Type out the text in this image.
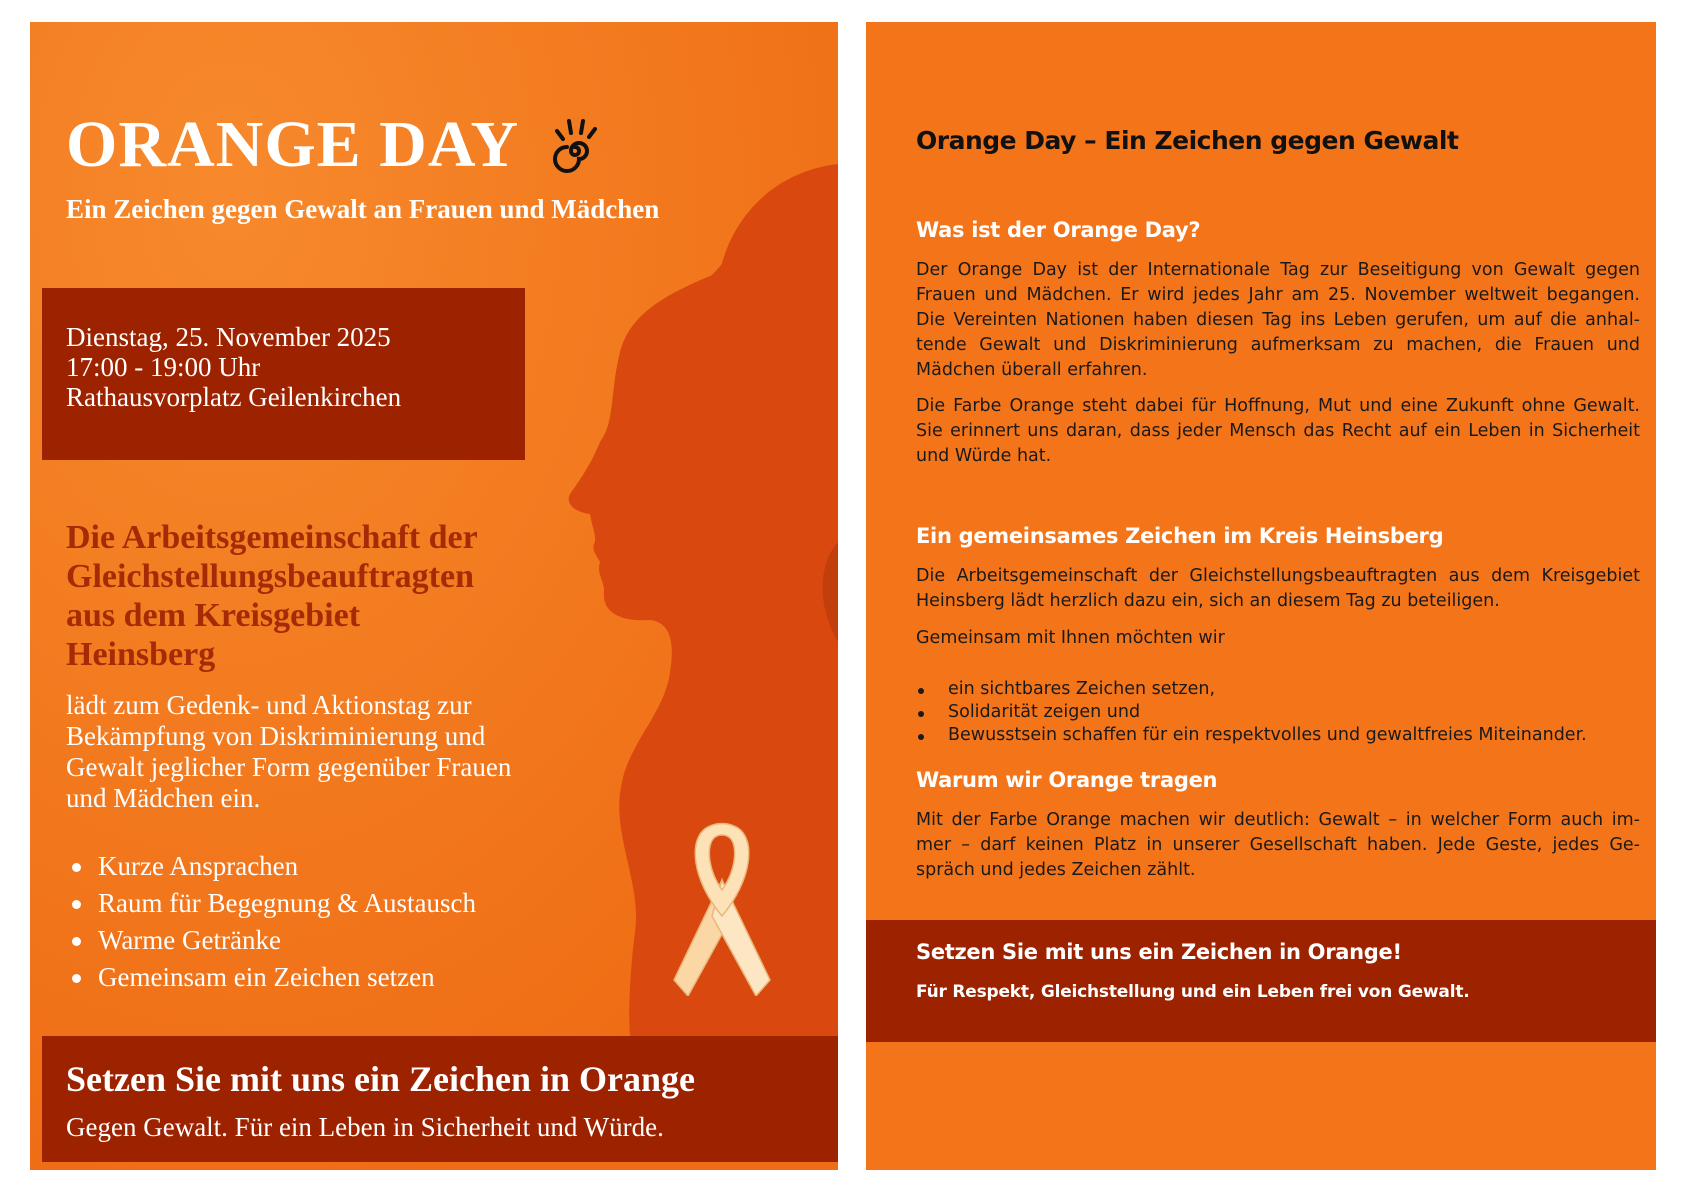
ORANGE DAY
Ein Zeichen gegen Gewalt an Frauen und Mädchen
Dienstag, 25. November 2025
17:00 - 19:00 Uhr
Rathausvorplatz Geilenkirchen
Die Arbeitsgemeinschaft der
Gleichstellungsbeauftragten
aus dem Kreisgebiet
Heinsberg
lädt zum Gedenk- und Aktionstag zur
Bekämpfung von Diskriminierung und
Gewalt jeglicher Form gegenüber Frauen
und Mädchen ein.
Kurze Ansprachen
Raum für Begegnung & Austausch
Warme Getränke
Gemeinsam ein Zeichen setzen
Setzen Sie mit uns ein Zeichen in Orange
Gegen Gewalt. Für ein Leben in Sicherheit und Würde.
Orange Day – Ein Zeichen gegen Gewalt
Was ist der Orange Day?
Der Orange Day ist der Internationale Tag zur Beseitigung von Gewalt gegen
Frauen und Mädchen. Er wird jedes Jahr am 25. November weltweit begangen.
Die Vereinten Nationen haben diesen Tag ins Leben gerufen, um auf die anhal-
tende Gewalt und Diskriminierung aufmerksam zu machen, die Frauen und
Mädchen überall erfahren.
Die Farbe Orange steht dabei für Hoffnung, Mut und eine Zukunft ohne Gewalt.
Sie erinnert uns daran, dass jeder Mensch das Recht auf ein Leben in Sicherheit
und Würde hat.
Ein gemeinsames Zeichen im Kreis Heinsberg
Die Arbeitsgemeinschaft der Gleichstellungsbeauftragten aus dem Kreisgebiet
Heinsberg lädt herzlich dazu ein, sich an diesem Tag zu beteiligen.
Gemeinsam mit Ihnen möchten wir
ein sichtbares Zeichen setzen,
Solidarität zeigen und
Bewusstsein schaffen für ein respektvolles und gewaltfreies Miteinander.
Warum wir Orange tragen
Mit der Farbe Orange machen wir deutlich: Gewalt – in welcher Form auch im-
mer – darf keinen Platz in unserer Gesellschaft haben. Jede Geste, jedes Ge-
spräch und jedes Zeichen zählt.
Setzen Sie mit uns ein Zeichen in Orange!
Für Respekt, Gleichstellung und ein Leben frei von Gewalt.
